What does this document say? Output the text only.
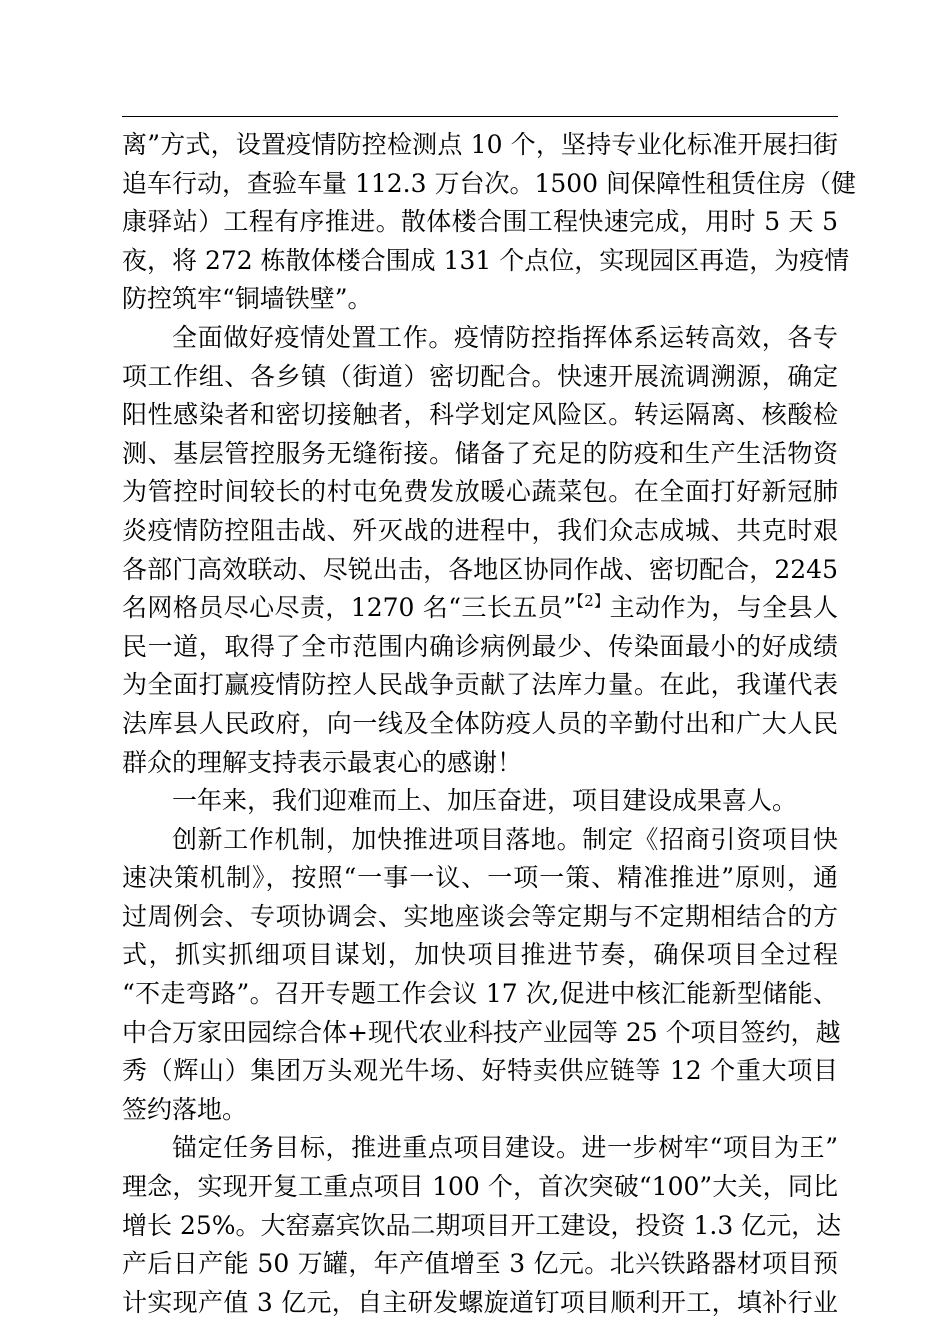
离”方式，设置疫情防控检测点 10 个，坚持专业化标准开展扫街
追车行动，查验车量 112.3 万台次。1500 间保障性租赁住房（健
康驿站）工程有序推进。散体楼合围工程快速完成，用时 5 天 5
夜，将 272 栋散体楼合围成 131 个点位，实现园区再造，为疫情
防控筑牢“铜墙铁壁”。

全面做好疫情处置工作。疫情防控指挥体系运转高效，各专
项工作组、各乡镇（街道）密切配合。快速开展流调溯源，确定
阳性感染者和密切接触者，科学划定风险区。转运隔离、核酸检
测、基层管控服务无缝衔接。储备了充足的防疫和生产生活物资
为管控时间较长的村屯免费发放暖心蔬菜包。在全面打好新冠肺
炎疫情防控阻击战、歼灭战的进程中，我们众志成城、共克时艰
各部门高效联动、尽锐出击，各地区协同作战、密切配合，2245
名网格员尽心尽责，1270 名“三长五员”$^{【2】}$主动作为，与全县人
民一道，取得了全市范围内确诊病例最少、传染面最小的好成绩
为全面打赢疫情防控人民战争贡献了法库力量。在此，我谨代表
法库县人民政府，向一线及全体防疫人员的辛勤付出和广大人民
群众的理解支持表示最衷心的感谢！

一年来，我们迎难而上、加压奋进，项目建设成果喜人。

创新工作机制，加快推进项目落地。制定《招商引资项目快
速决策机制》，按照“一事一议、一项一策、精准推进”原则，通
过周例会、专项协调会、实地座谈会等定期与不定期相结合的方
式，抓实抓细项目谋划，加快项目推进节奏，确保项目全过程
“不走弯路”。召开专题工作会议 17 次,促进中核汇能新型储能、
中合万家田园综合体+现代农业科技产业园等 25 个项目签约，越
秀（辉山）集团万头观光牛场、好特卖供应链等 12 个重大项目
签约落地。

锚定任务目标，推进重点项目建设。进一步树牢“项目为王”
理念，实现开复工重点项目 100 个，首次突破“100”大关，同比
增长 25%。大窑嘉宾饮品二期项目开工建设，投资 1.3 亿元，达
产后日产能 50 万罐，年产值增至 3 亿元。北兴铁路器材项目预
计实现产值 3 亿元，自主研发螺旋道钉项目顺利开工，填补行业
